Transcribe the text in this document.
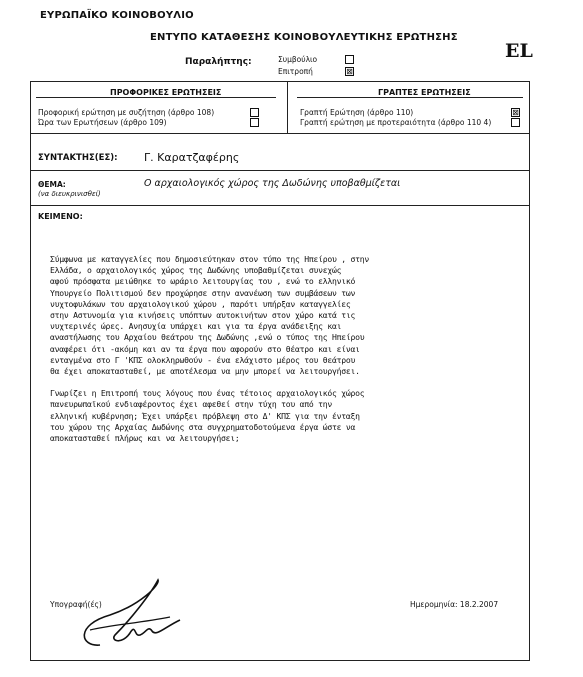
ΕΥΡΩΠΑΪΚΟ ΚΟΙΝΟΒΟΥΛΙΟ
ΕΝΤΥΠΟ ΚΑΤΑΘΕΣΗΣ ΚΟΙΝΟΒΟΥΛΕΥΤΙΚΗΣ ΕΡΩΤΗΣΗΣ
EL
Παραλήπτης:	Συμβούλιο
Επιτροπή	⊠
ΠΡΟΦΟΡΙΚΕΣ ΕΡΩΤΗΣΕΙΣ
Προφορική ερώτηση με συζήτηση (άρθρο 108)
Ώρα των Ερωτήσεων (άρθρο 109)
ΓΡΑΠΤΕΣ ΕΡΩΤΗΣΕΙΣ
Γραπτή Ερώτηση (άρθρο 110)	⊠
Γραπτή ερώτηση με προτεραιότητα (άρθρο 110 4)
ΣΥΝΤΑΚΤΗΣ(ΕΣ): Γ. Καρατζαφέρης
ΘΕΜΑ:
(να διευκρινισθεί)
Ο αρχαιολογικός χώρος της Δωδώνης υποβαθμίζεται
ΚΕΙΜΕΝΟ:
Σύμφωνα με καταγγελίες που δημοσιεύτηκαν στον τύπο της Ηπείρου , στην
Ελλάδα, ο αρχαιολογικός χώρος της Δωδώνης υποβαθμίζεται συνεχώς
αφού πρόσφατα μειώθηκε το ωράριο λειτουργίας του , ενώ το ελληνικό
Υπουργείο Πολιτισμού δεν προχώρησε στην ανανέωση των συμβάσεων των
νυχτοφυλάκων του αρχαιολογικού χώρου , παρότι υπήρξαν καταγγελίες
στην Αστυνομία για κινήσεις υπόπτων αυτοκινήτων στον χώρο κατά τις
νυχτερινές ώρες. Ανησυχία υπάρχει και για τα έργα ανάδειξης και
αναστήλωσης του Αρχαίου θεάτρου της Δωδώνης ,ενώ ο τύπος της Ηπείρου
αναφέρει ότι -ακόμη και αν τα έργα που αφορούν στο θέατρο και είναι
ενταγμένα στο Γ 'ΚΠΣ ολοκληρωθούν - ένα ελάχιστο μέρος του θεάτρου
θα έχει αποκατασταθεί, με αποτέλεσμα να μην μπορεί να λειτουργήσει.
Γνωρίζει η Επιτροπή τους λόγους που ένας τέτοιος αρχαιολογικός χώρος
πανευρωπαϊκού ενδιαφέροντος έχει αφεθεί στην τύχη του από την
ελληνική κυβέρνηση; Έχει υπάρξει πρόβλεψη στο Δ' ΚΠΣ για την ένταξη
του χώρου της Αρχαίας Δωδώνης στα συγχρηματοδοτούμενα έργα ώστε να
αποκατασταθεί πλήρως και να λειτουργήσει;
Υπογραφή(ές)	Ημερομηνία: 18.2.2007
